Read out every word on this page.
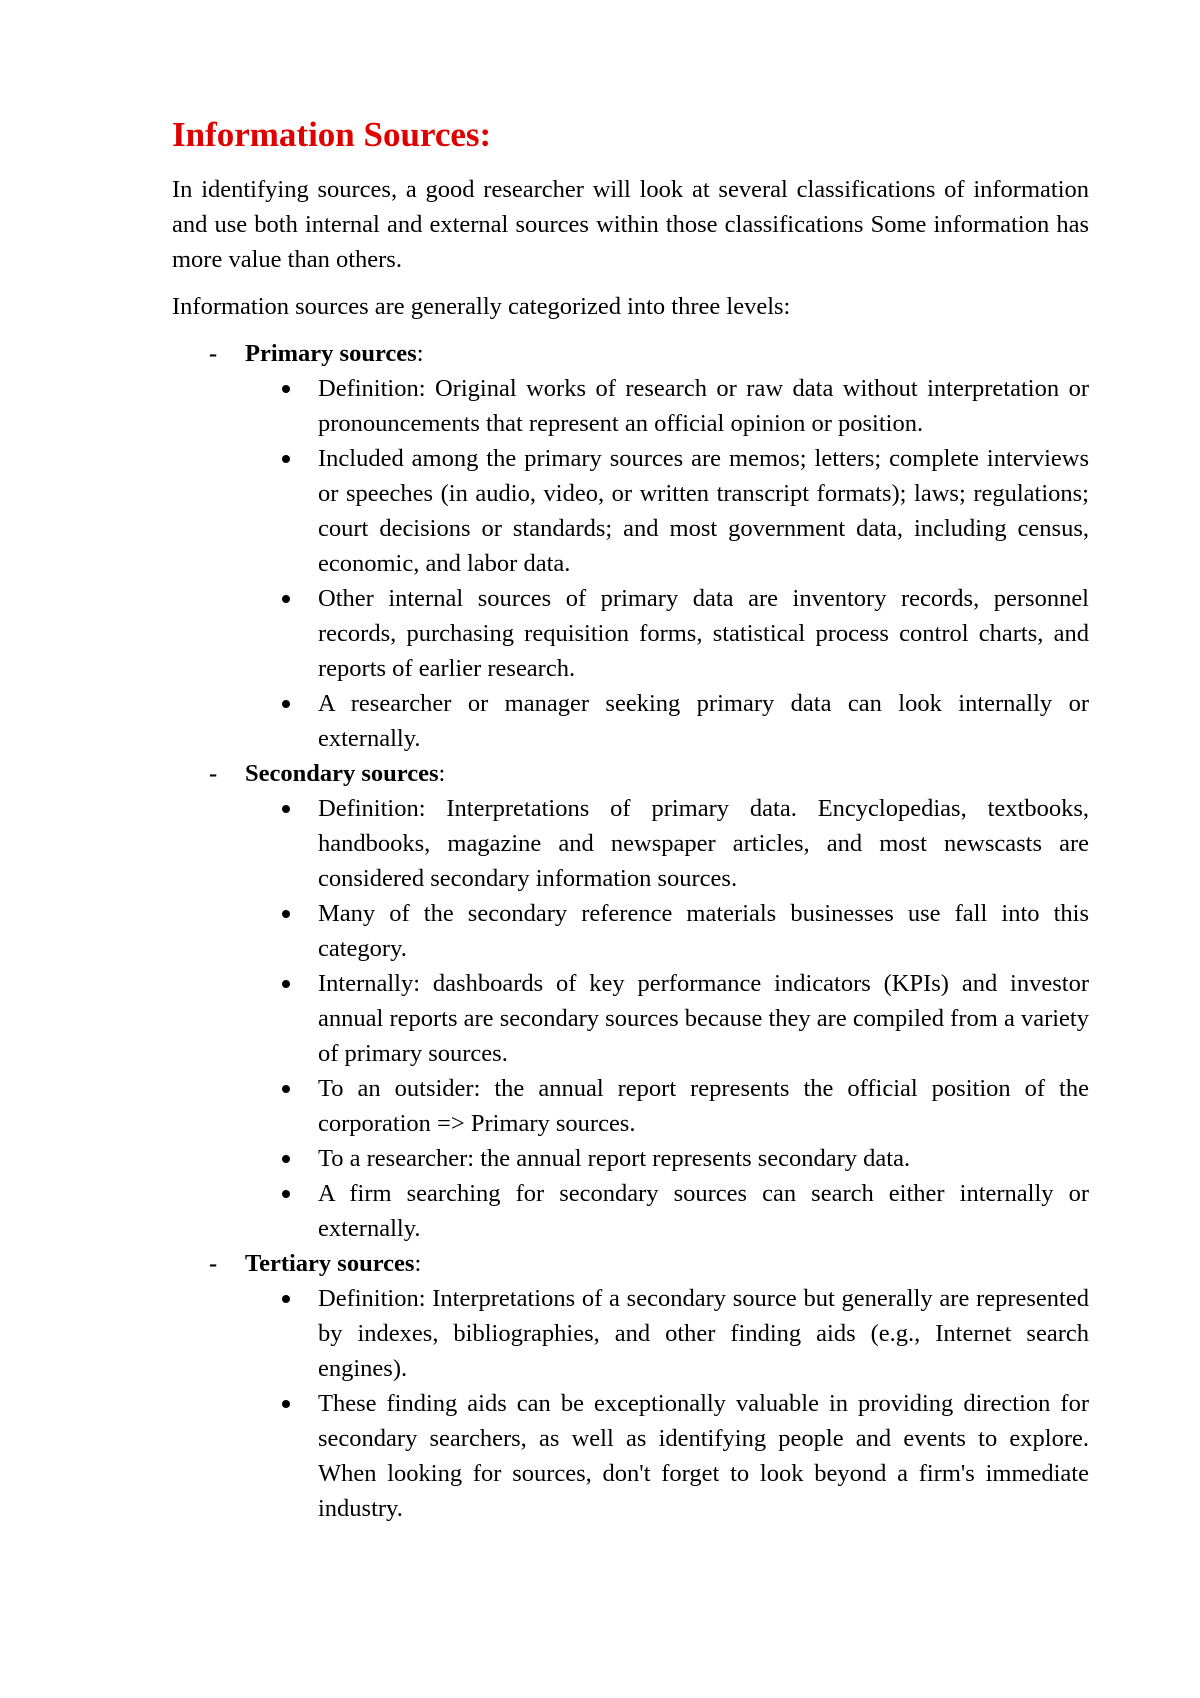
Information Sources:

In identifying sources, a good researcher will look at several classifications of information and use both internal and external sources within those classifications Some information has more value than others.

Information sources are generally categorized into three levels:

- Primary sources:
Definition: Original works of research or raw data without interpretation or pronouncements that represent an official opinion or position.
Included among the primary sources are memos; letters; complete interviews or speeches (in audio, video, or written transcript formats); laws; regulations; court decisions or standards; and most government data, including census, economic, and labor data.
Other internal sources of primary data are inventory records, personnel records, purchasing requisition forms, statistical process control charts, and reports of earlier research.
A researcher or manager seeking primary data can look internally or externally.
- Secondary sources:
Definition: Interpretations of primary data. Encyclopedias, textbooks, handbooks, magazine and newspaper articles, and most newscasts are considered secondary information sources.
Many of the secondary reference materials businesses use fall into this category.
Internally: dashboards of key performance indicators (KPIs) and investor annual reports are secondary sources because they are compiled from a variety of primary sources.
To an outsider: the annual report represents the official position of the corporation => Primary sources.
To a researcher: the annual report represents secondary data.
A firm searching for secondary sources can search either internally or externally.
- Tertiary sources:
Definition: Interpretations of a secondary source but generally are represented by indexes, bibliographies, and other finding aids (e.g., Internet search engines).
These finding aids can be exceptionally valuable in providing direction for secondary searchers, as well as identifying people and events to explore. When looking for sources, don't forget to look beyond a firm's immediate industry.
